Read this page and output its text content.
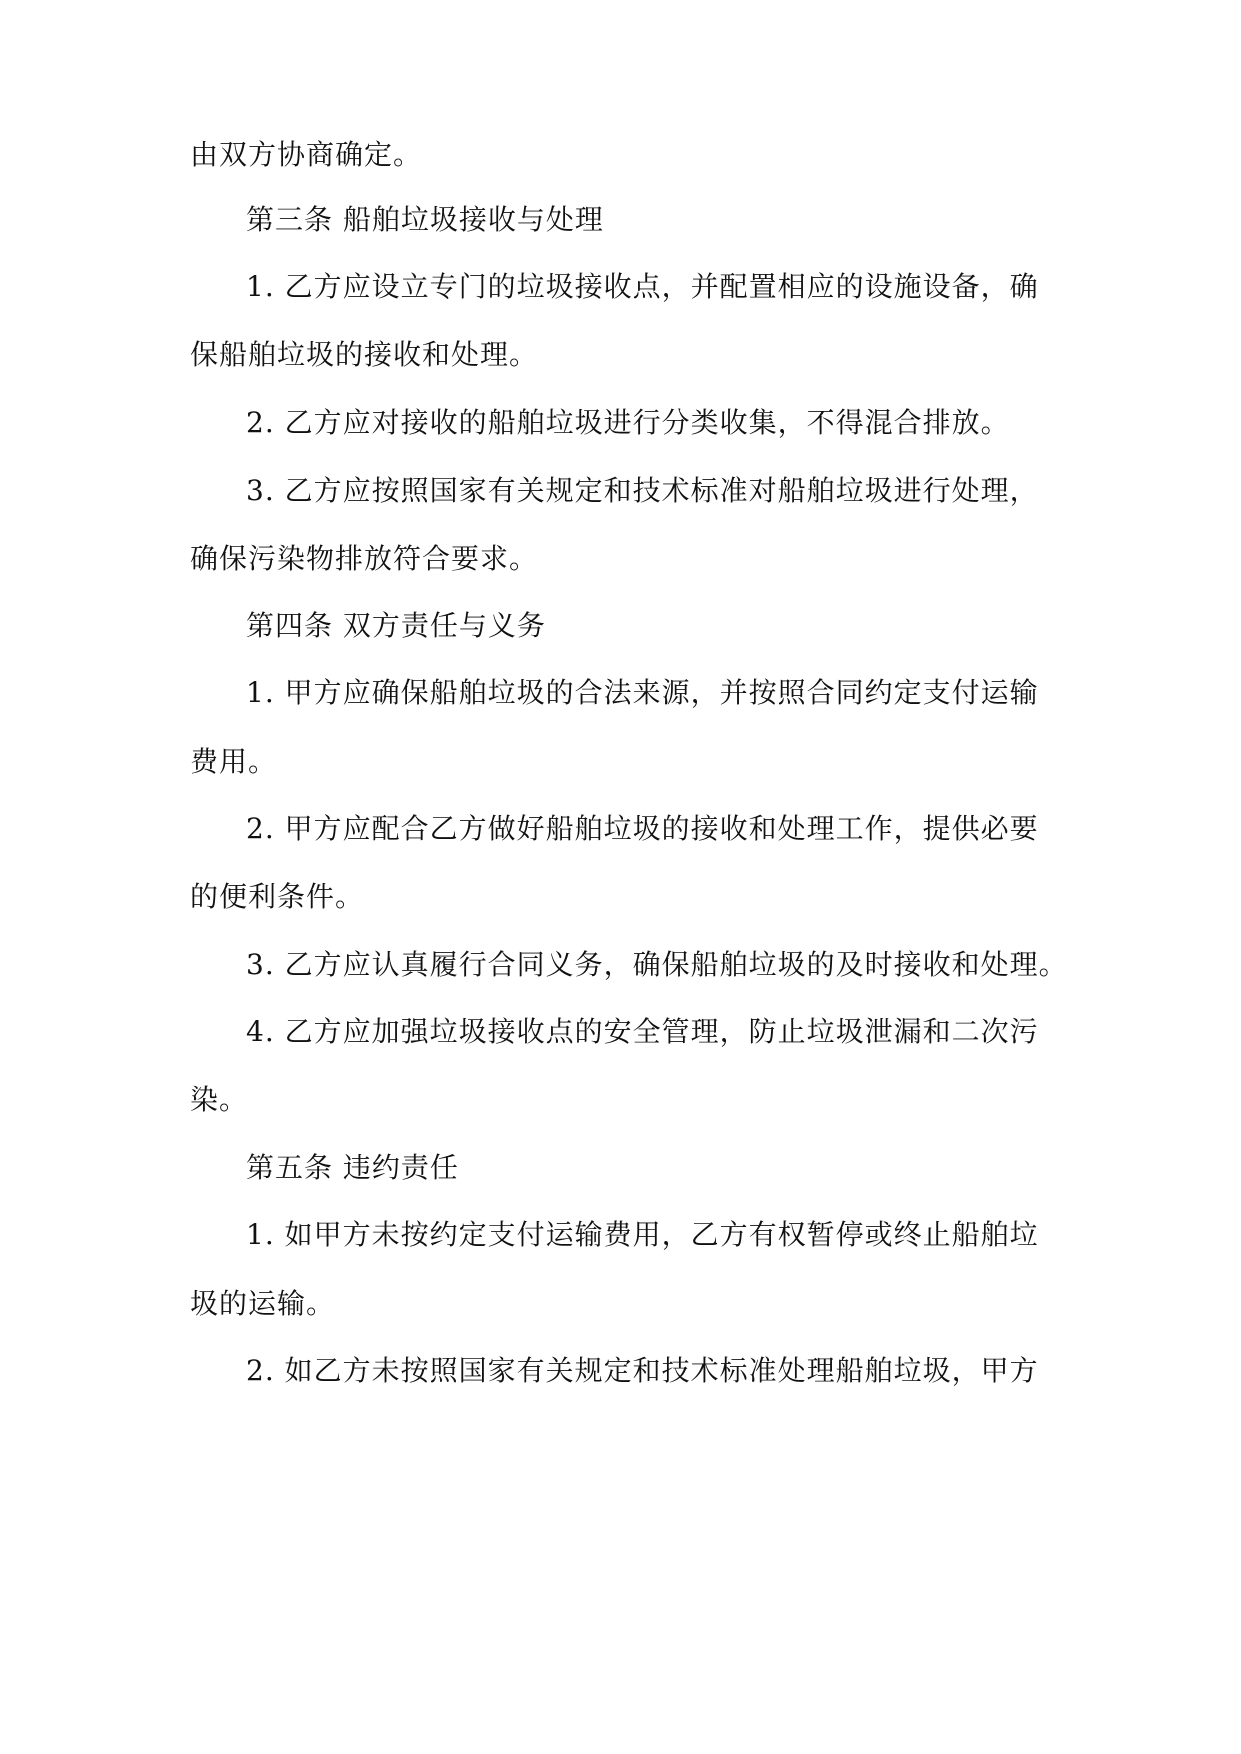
由双方协商确定。
第三条 船舶垃圾接收与处理
1. 乙方应设立专门的垃圾接收点，并配置相应的设施设备，确
保船舶垃圾的接收和处理。
2. 乙方应对接收的船舶垃圾进行分类收集，不得混合排放。
3. 乙方应按照国家有关规定和技术标准对船舶垃圾进行处理，
确保污染物排放符合要求。
第四条 双方责任与义务
1. 甲方应确保船舶垃圾的合法来源，并按照合同约定支付运输
费用。
2. 甲方应配合乙方做好船舶垃圾的接收和处理工作，提供必要
的便利条件。
3. 乙方应认真履行合同义务，确保船舶垃圾的及时接收和处理。
4. 乙方应加强垃圾接收点的安全管理，防止垃圾泄漏和二次污
染。
第五条 违约责任
1. 如甲方未按约定支付运输费用，乙方有权暂停或终止船舶垃
圾的运输。
2. 如乙方未按照国家有关规定和技术标准处理船舶垃圾，甲方
